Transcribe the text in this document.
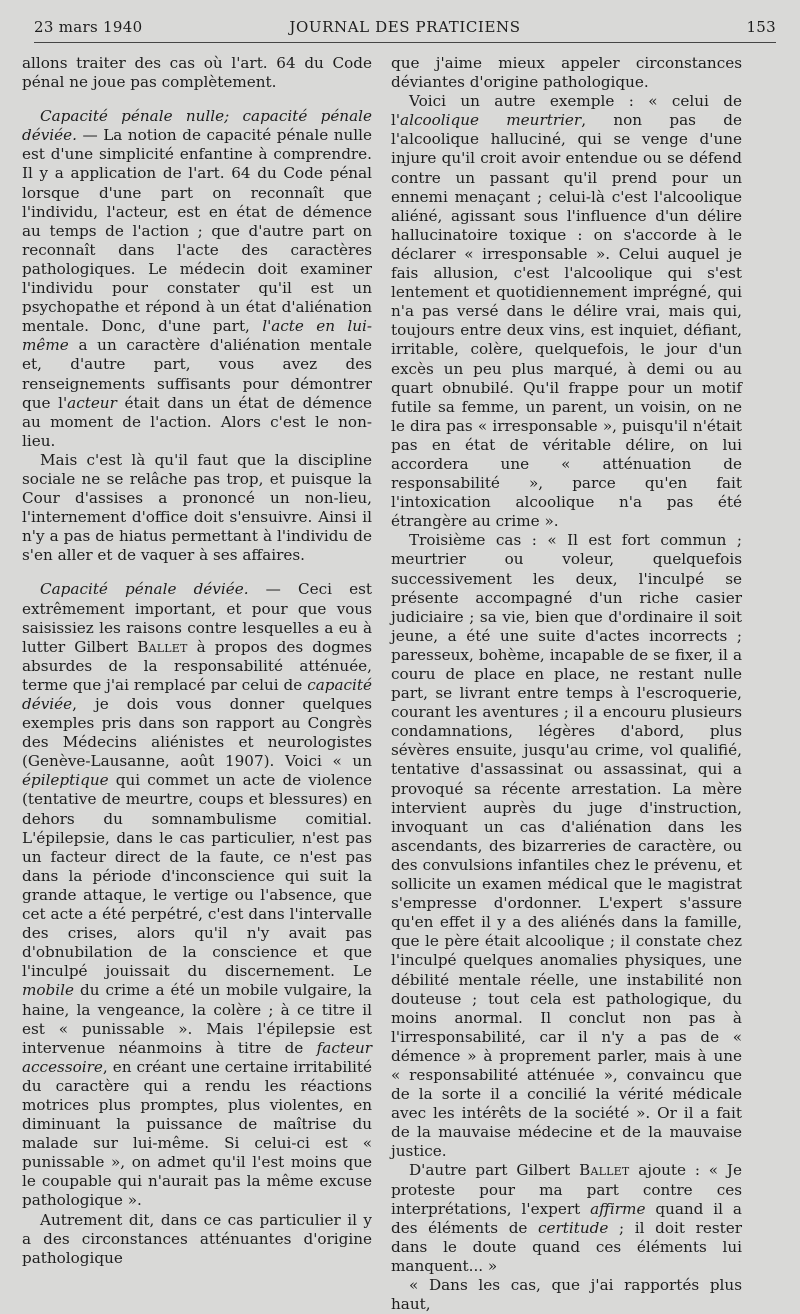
23 mars 1940	JOURNAL DES PRATICIENS	153

allons traiter des cas où l'art. 64 du Code pénal ne joue pas complètement.

Capacité pénale nulle; capacité pénale déviée. — La notion de capacité pénale nulle est d'une simplicité enfantine à comprendre. Il y a application de l'art. 64 du Code pénal lorsque d'une part on reconnaît que l'individu, l'acteur, est en état de démence au temps de l'action ; que d'autre part on reconnaît dans l'acte des caractères pathologiques. Le médecin doit examiner l'individu pour constater qu'il est un psychopathe et répond à un état d'aliénation mentale. Donc, d'une part, l'acte en lui-même a un caractère d'aliénation mentale et, d'autre part, vous avez des renseignements suffisants pour démontrer que l'acteur était dans un état de démence au moment de l'action. Alors c'est le non-lieu.

Mais c'est là qu'il faut que la discipline sociale ne se relâche pas trop, et puisque la Cour d'assises a prononcé un non-lieu, l'internement d'office doit s'ensuivre. Ainsi il n'y a pas de hiatus permettant à l'individu de s'en aller et de vaquer à ses affaires.

Capacité pénale déviée. — Ceci est extrêmement important, et pour que vous saisissiez les raisons contre lesquelles a eu à lutter Gilbert Ballet à propos des dogmes absurdes de la responsabilité atténuée, terme que j'ai remplacé par celui de capacité déviée, je dois vous donner quelques exemples pris dans son rapport au Congrès des Médecins aliénistes et neurologistes (Genève-Lausanne, août 1907). Voici « un épileptique qui commet un acte de violence (tentative de meurtre, coups et blessures) en dehors du somnambulisme comitial. L'épilepsie, dans le cas particulier, n'est pas un facteur direct de la faute, ce n'est pas dans la période d'inconscience qui suit la grande attaque, le vertige ou l'absence, que cet acte a été perpétré, c'est dans l'intervalle des crises, alors qu'il n'y avait pas d'obnubilation de la conscience et que l'inculpé jouissait du discernement. Le mobile du crime a été un mobile vulgaire, la haine, la vengeance, la colère ; à ce titre il est « punissable ». Mais l'épilepsie est intervenue néanmoins à titre de facteur accessoire, en créant une certaine irritabilité du caractère qui a rendu les réactions motrices plus promptes, plus violentes, en diminuant la puissance de maîtrise du malade sur lui-même. Si celui-ci est « punissable », on admet qu'il l'est moins que le coupable qui n'aurait pas la même excuse pathologique ».

Autrement dit, dans ce cas particulier il y a des circonstances atténuantes d'origine pathologique

que j'aime mieux appeler circonstances déviantes d'origine pathologique.

Voici un autre exemple : « celui de l'alcoolique meurtrier, non pas de l'alcoolique halluciné, qui se venge d'une injure qu'il croit avoir entendue ou se défend contre un passant qu'il prend pour un ennemi menaçant ; celui-là c'est l'alcoolique aliéné, agissant sous l'influence d'un délire hallucinatoire toxique : on s'accorde à le déclarer « irresponsable ». Celui auquel je fais allusion, c'est l'alcoolique qui s'est lentement et quotidiennement imprégné, qui n'a pas versé dans le délire vrai, mais qui, toujours entre deux vins, est inquiet, défiant, irritable, colère, quelquefois, le jour d'un excès un peu plus marqué, à demi ou au quart obnubilé. Qu'il frappe pour un motif futile sa femme, un parent, un voisin, on ne le dira pas « irresponsable », puisqu'il n'était pas en état de véritable délire, on lui accordera une « atténuation de responsabilité », parce qu'en fait l'intoxication alcoolique n'a pas été étrangère au crime ».

Troisième cas : « Il est fort commun ; meurtrier ou voleur, quelquefois successivement les deux, l'inculpé se présente accompagné d'un riche casier judiciaire ; sa vie, bien que d'ordinaire il soit jeune, a été une suite d'actes incorrects ; paresseux, bohème, incapable de se fixer, il a couru de place en place, ne restant nulle part, se livrant entre temps à l'escroquerie, courant les aventures ; il a encouru plusieurs condamnations, légères d'abord, plus sévères ensuite, jusqu'au crime, vol qualifié, tentative d'assassinat ou assassinat, qui a provoqué sa récente arrestation. La mère intervient auprès du juge d'instruction, invoquant un cas d'aliénation dans les ascendants, des bizarreries de caractère, ou des convulsions infantiles chez le prévenu, et sollicite un examen médical que le magistrat s'empresse d'ordonner. L'expert s'assure qu'en effet il y a des aliénés dans la famille, que le père était alcoolique ; il constate chez l'inculpé quelques anomalies physiques, une débilité mentale réelle, une instabilité non douteuse ; tout cela est pathologique, du moins anormal. Il conclut non pas à l'irresponsabilité, car il n'y a pas de « démence » à proprement parler, mais à une « responsabilité atténuée », convaincu que de la sorte il a concilié la vérité médicale avec les intérêts de la société ». Or il a fait de la mauvaise médecine et de la mauvaise justice.

D'autre part Gilbert Ballet ajoute : « Je proteste pour ma part contre ces interprétations, l'expert affirme quand il a des éléments de certitude ; il doit rester dans le doute quand ces éléments lui manquent... »

« Dans les cas, que j'ai rapportés plus haut,
